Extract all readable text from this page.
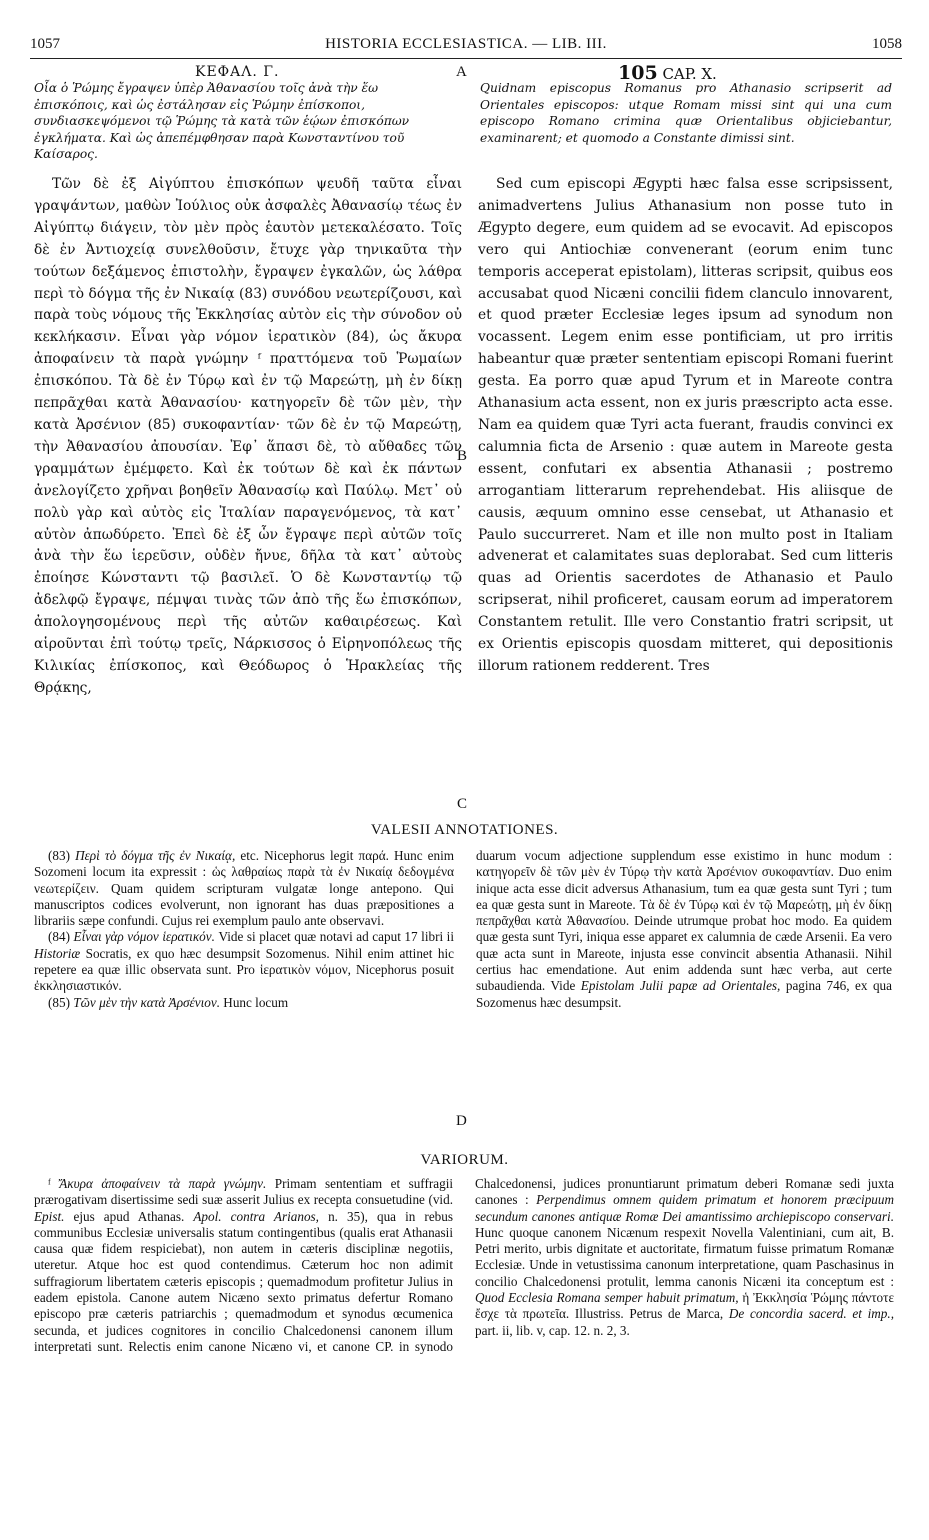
1057	HISTORIA ECCLESIASTICA. — LIB. III.	1058
ΚΕΦΑΛ. Γ.	A	105 CAP. X.

Οἷα ὁ Ῥώμης ἔγραψεν ὑπὲρ Ἀθανασίου τοῖς ἀνὰ τὴν ἕω ἐπισκόποις, καὶ ὡς ἐστάλησαν εἰς Ῥώμην ἐπίσκοποι, συνδιασκεψόμενοι τῷ Ῥώμης τὰ κατὰ τῶν ἑῴων ἐπισκόπων ἐγκλήματα. Καὶ ὡς ἀπεπέμφθησαν παρὰ Κωνσταντίνου τοῦ Καίσαρος.

Quidnam episcopus Romanus pro Athanasio scripserit ad Orientales episcopos: utque Romam missi sint qui una cum episcopo Romano crimina quæ Orientalibus objiciebantur, examinarent; et quomodo a Constante dimissi sint.

Τῶν δὲ ἐξ Αἰγύπτου ἐπισκόπων ψευδῆ ταῦτα εἶναι γραψάντων, μαθὼν Ἰούλιος οὐκ ἀσφαλὲς Ἀθανασίῳ τέως ἐν Αἰγύπτῳ διάγειν, τὸν μὲν πρὸς ἑαυτὸν μετεκαλέσατο. Τοῖς δὲ ἐν Ἀντιοχείᾳ συνελθοῦσιν, ἔτυχε γὰρ τηνικαῦτα τὴν τούτων δεξάμενος ἐπιστολὴν, ἔγραψεν ἐγκαλῶν, ὡς λάθρα περὶ τὸ δόγμα τῆς ἐν Νικαίᾳ (83) συνόδου νεωτερίζουσι, καὶ παρὰ τοὺς νόμους τῆς Ἐκκλησίας αὐτὸν εἰς τὴν σύνοδον οὐ κεκλήκασιν. Εἶναι γὰρ νόμον ἱερατικὸν (84), ὡς ἄκυρα ἀποφαίνειν τὰ παρὰ γνώμην ᶠ πραττόμενα τοῦ Ῥωμαίων ἐπισκόπου. Τὰ δὲ ἐν Τύρῳ καὶ ἐν τῷ Μαρεώτῃ, μὴ ἐν δίκῃ πεπρᾶχθαι κατὰ Ἀθανασίου· κατηγορεῖν δὲ τῶν μὲν, τὴν κατὰ Ἀρσένιον (85) συκοφαντίαν· τῶν δὲ ἐν τῷ Μαρεώτῃ, τὴν Ἀθανασίου ἀπουσίαν. Ἐφ᾽ ἅπασι δὲ, τὸ αὔθαδες τῶν γραμμάτων ἐμέμφετο. Καὶ ἐκ τούτων δὲ καὶ ἐκ πάντων ἀνελογίζετο χρῆναι βοηθεῖν Ἀθανασίῳ καὶ Παύλῳ. Μετ᾽ οὐ πολὺ γὰρ καὶ αὐτὸς εἰς Ἰταλίαν παραγενόμενος, τὰ κατ᾽ αὐτὸν ἀπωδύρετο. Ἐπεὶ δὲ ἐξ ὧν ἔγραψε περὶ αὐτῶν τοῖς ἀνὰ τὴν ἕω ἱερεῦσιν, οὐδὲν ἤνυε, δῆλα τὰ κατ᾽ αὐτοὺς ἐποίησε Κώνσταντι τῷ βασιλεῖ. Ὁ δὲ Κωνσταντίῳ τῷ ἀδελφῷ ἔγραψε, πέμψαι τινὰς τῶν ἀπὸ τῆς ἕω ἐπισκόπων, ἀπολογησομένους περὶ τῆς αὐτῶν καθαιρέσεως. Καὶ αἱροῦνται ἐπὶ τούτῳ τρεῖς, Νάρκισσος ὁ Εἰρηνοπόλεως τῆς Κιλικίας ἐπίσκοπος, καὶ Θεόδωρος ὁ Ἡρακλείας τῆς Θρᾴκης,

B
C

Sed cum episcopi Ægypti hæc falsa esse scripsissent, animadvertens Julius Athanasium non posse tuto in Ægypto degere, eum quidem ad se evocavit. Ad episcopos vero qui Antiochiæ convenerant (eorum enim tunc temporis acceperat epistolam), litteras scripsit, quibus eos accusabat quod Nicæni concilii fidem clanculo innovarent, et quod præter Ecclesiæ leges ipsum ad synodum non vocassent. Legem enim esse pontificiam, ut pro irritis habeantur quæ præter sententiam episcopi Romani fuerint gesta. Ea porro quæ apud Tyrum et in Mareote contra Athanasium acta essent, non ex juris præscripto acta esse. Nam ea quidem quæ Tyri acta fuerant, fraudis convinci ex calumnia ficta de Arsenio : quæ autem in Mareote gesta essent, confutari ex absentia Athanasii ; postremo arrogantiam litterarum reprehendebat. His aliisque de causis, æquum omnino esse censebat, ut Athanasio et Paulo succurreret. Nam et ille non multo post in Italiam advenerat et calamitates suas deplorabat. Sed cum litteris quas ad Orientis sacerdotes de Athanasio et Paulo scripserat, nihil proficeret, causam eorum ad imperatorem Constantem retulit. Ille vero Constantio fratri scripsit, ut ex Orientis episcopis quosdam mitteret, qui depositionis illorum rationem redderent. Tres

VALESII ANNOTATIONES.

(83) Περὶ τὸ δόγμα τῆς ἐν Νικαίᾳ, etc. Nicephorus legit παρά. Hunc enim Sozomeni locum ita expressit : ὡς λαθραίως παρὰ τὰ ἐν Νικαίᾳ δεδογμένα νεωτερίζειν. Quam quidem scripturam vulgatæ longe antepono. Qui manuscriptos codices evolverunt, non ignorant has duas præpositiones a librariis sæpe confundi. Cujus rei exemplum paulo ante observavi.

(84) Εἶναι γὰρ νόμον ἱερατικόν. Vide si placet quæ notavi ad caput 17 libri ii Historiæ Socratis, ex quo hæc desumpsit Sozomenus. Nihil enim attinet hic repetere ea quæ illic observata sunt. Pro ἱερατικὸν νόμον, Nicephorus posuit ἐκκλησιαστικόν.

(85) Τῶν μὲν τὴν κατὰ Ἀρσένιον. Hunc locum

D

duarum vocum adjectione supplendum esse existimo in hunc modum : κατηγορεῖν δὲ τῶν μὲν ἐν Τύρῳ τὴν κατὰ Ἀρσένιον συκοφαντίαν. Duo enim inique acta esse dicit adversus Athanasium, tum ea quæ gesta sunt Tyri ; tum ea quæ gesta sunt in Mareote. Τὰ δὲ ἐν Τύρῳ καὶ ἐν τῷ Μαρεώτῃ, μὴ ἐν δίκῃ πεπρᾶχθαι κατὰ Ἀθανασίου. Deinde utrumque probat hoc modo. Ea quidem quæ gesta sunt Tyri, iniqua esse apparet ex calumnia de cæde Arsenii. Ea vero quæ acta sunt in Mareote, injusta esse convincit absentia Athanasii. Nihil certius hac emendatione. Aut enim addenda sunt hæc verba, aut certe subaudienda. Vide Epistolam Julii papæ ad Orientales, pagina 746, ex qua Sozomenus hæc desumpsit.

VARIORUM.

ᶠ Ἄκυρα ἀποφαίνειν τὰ παρὰ γνώμην. Primam sententiam et suffragii prærogativam disertissime sedi suæ asserit Julius ex recepta consuetudine (vid. Epist. ejus apud Athanas. Apol. contra Arianos, n. 35), qua in rebus communibus Ecclesiæ universalis statum contingentibus (qualis erat Athanasii causa quæ fidem respiciebat), non autem in cæteris disciplinæ negotiis, uteretur. Atque hoc est quod contendimus. Cæterum hoc non adimit suffragiorum libertatem cæteris episcopis ; quemadmodum profitetur Julius in eadem epistola. Canone autem Nicæno sexto primatus defertur Romano episcopo præ cæteris patriarchis ; quemadmodum et synodus œcumenica secunda, et judices cognitores in concilio Chalcedonensi canonem illum interpretati sunt. Relectis enim canone Nicæno vi, et canone CP. in synodo Chalcedonensi, judices pronuntiarunt primatum deberi Romanæ sedi juxta canones : Perpendimus omnem quidem primatum et honorem præcipuum secundum canones antiquæ Romæ Dei amantissimo archiepiscopo conservari. Hunc quoque canonem Nicænum respexit Novella Valentiniani, cum ait, B. Petri merito, urbis dignitate et auctoritate, firmatum fuisse primatum Romanæ Ecclesiæ. Unde in vetustissima canonum interpretatione, quam Paschasinus in concilio Chalcedonensi protulit, lemma canonis Nicæni ita conceptum est : Quod Ecclesia Romana semper habuit primatum, ἡ Ἐκκλησία Ῥώμης πάντοτε ἔσχε τὰ πρωτεῖα. Illustriss. Petrus de Marca, De concordia sacerd. et imp., part. ii, lib. v, cap. 12. n. 2, 3.
